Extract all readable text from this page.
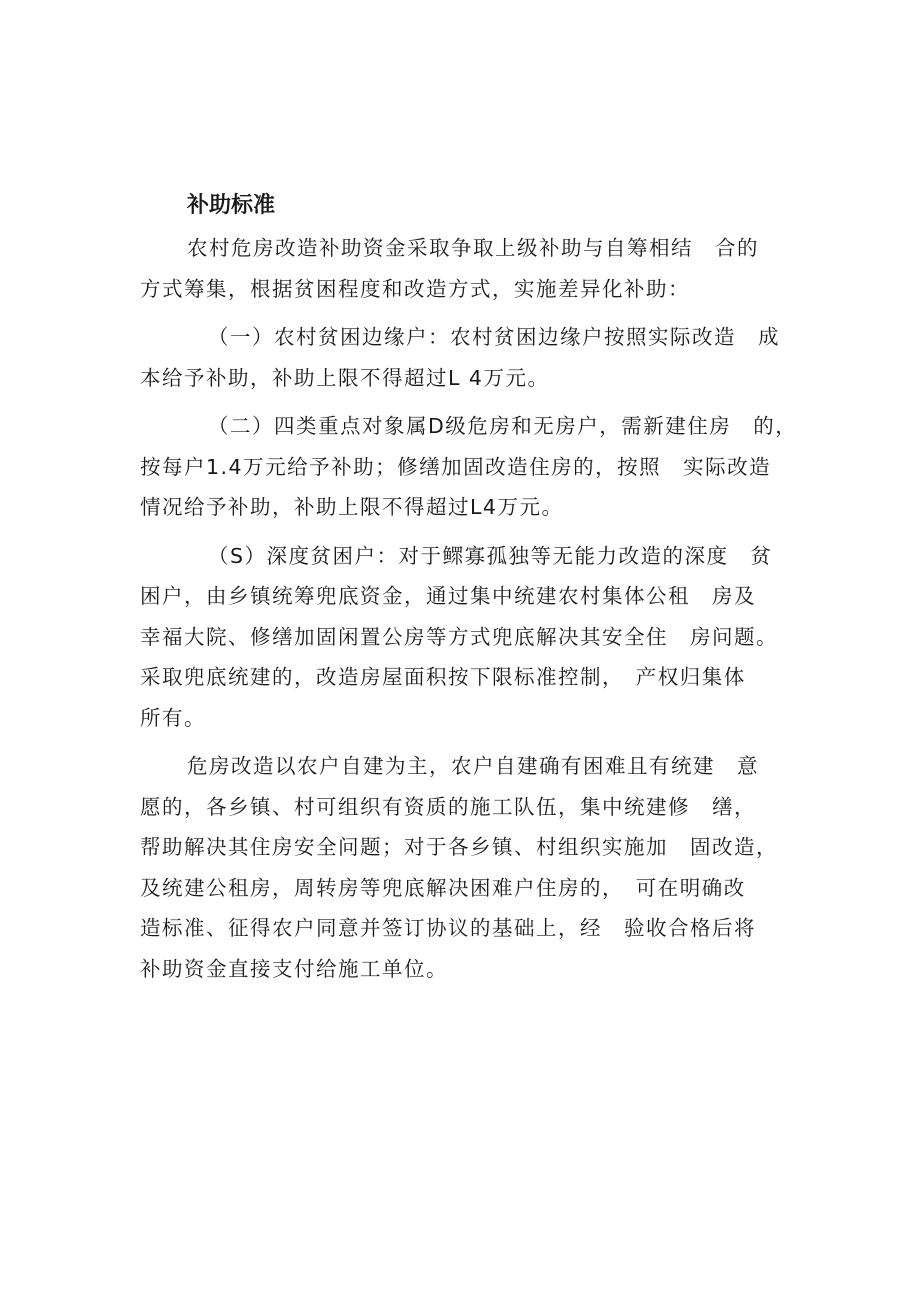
补助标准

农村危房改造补助资金采取争取上级补助与自筹相结　合的
方式筹集，根据贫困程度和改造方式，实施差异化补助：

（一）农村贫困边缘户：农村贫困边缘户按照实际改造　成
本给予补助，补助上限不得超过L 4万元。

（二）四类重点对象属D级危房和无房户，需新建住房　的，
按每户1.4万元给予补助；修缮加固改造住房的，按照　实际改造
情况给予补助，补助上限不得超过L4万元。

（S）深度贫困户：对于鳏寡孤独等无能力改造的深度　贫
困户，由乡镇统筹兜底资金，通过集中统建农村集体公租　房及
幸福大院、修缮加固闲置公房等方式兜底解决其安全住　房问题。
采取兜底统建的，改造房屋面积按下限标准控制，　产权归集体
所有。

危房改造以农户自建为主，农户自建确有困难且有统建　意
愿的，各乡镇、村可组织有资质的施工队伍，集中统建修　缮，
帮助解决其住房安全问题；对于各乡镇、村组织实施加　固改造，
及统建公租房，周转房等兜底解决困难户住房的，　可在明确改
造标准、征得农户同意并签订协议的基础上，经　验收合格后将
补助资金直接支付给施工单位。
